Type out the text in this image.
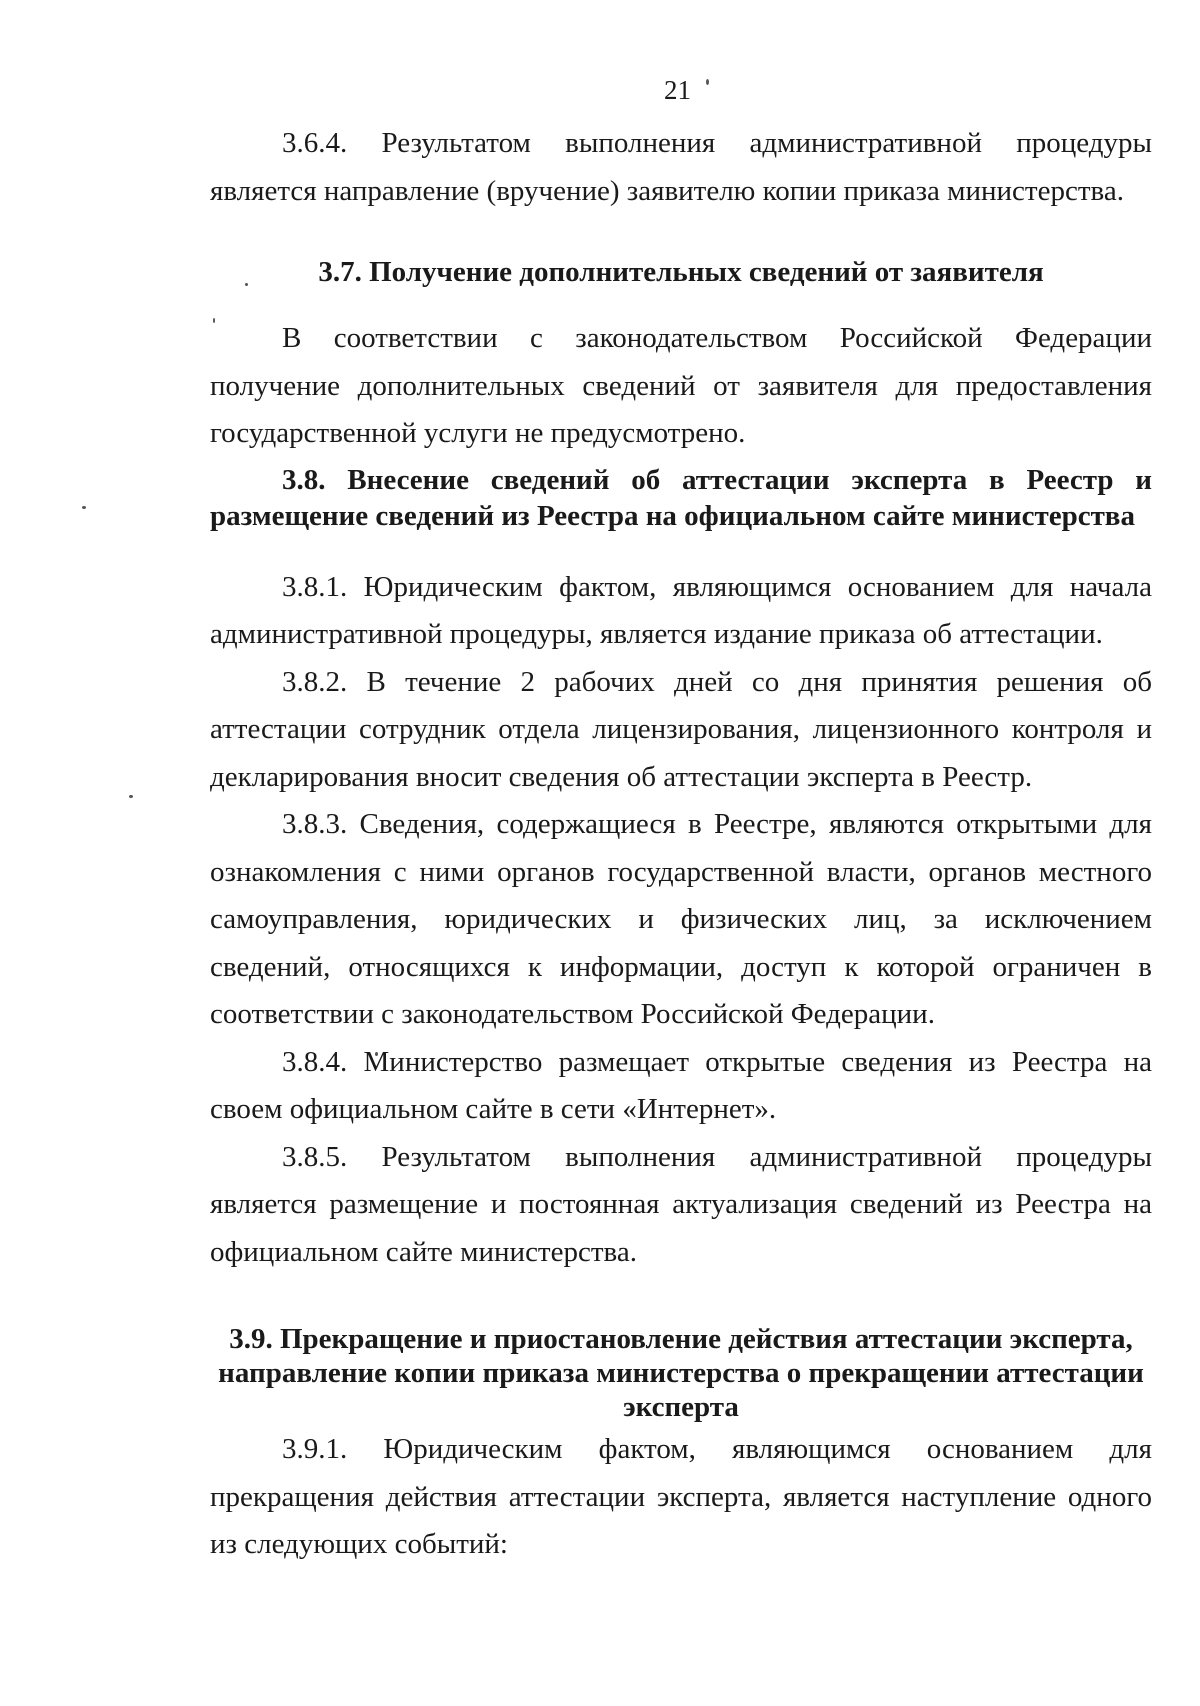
21

3.6.4. Результатом выполнения административной процедуры является направление (вручение) заявителю копии приказа министерства.

3.7. Получение дополнительных сведений от заявителя

В соответствии с законодательством Российской Федерации получение дополнительных сведений от заявителя для предоставления государственной услуги не предусмотрено.

3.8. Внесение сведений об аттестации эксперта в Реестр и размещение сведений из Реестра на официальном сайте министерства

3.8.1. Юридическим фактом, являющимся основанием для начала административной процедуры, является издание приказа об аттестации.

3.8.2. В течение 2 рабочих дней со дня принятия решения об аттестации сотрудник отдела лицензирования, лицензионного контроля и декларирования вносит сведения об аттестации эксперта в Реестр.

3.8.3. Сведения, содержащиеся в Реестре, являются открытыми для ознакомления с ними органов государственной власти, органов местного самоуправления, юридических и физических лиц, за исключением сведений, относящихся к информации, доступ к которой ограничен в соответствии с законодательством Российской Федерации.

3.8.4. Министерство размещает открытые сведения из Реестра на своем официальном сайте в сети «Интернет».

3.8.5. Результатом выполнения административной процедуры является размещение и постоянная актуализация сведений из Реестра на официальном сайте министерства.

3.9. Прекращение и приостановление действия аттестации эксперта, направление копии приказа министерства о прекращении аттестации эксперта

3.9.1. Юридическим фактом, являющимся основанием для прекращения действия аттестации эксперта, является наступление одного из следующих событий:
